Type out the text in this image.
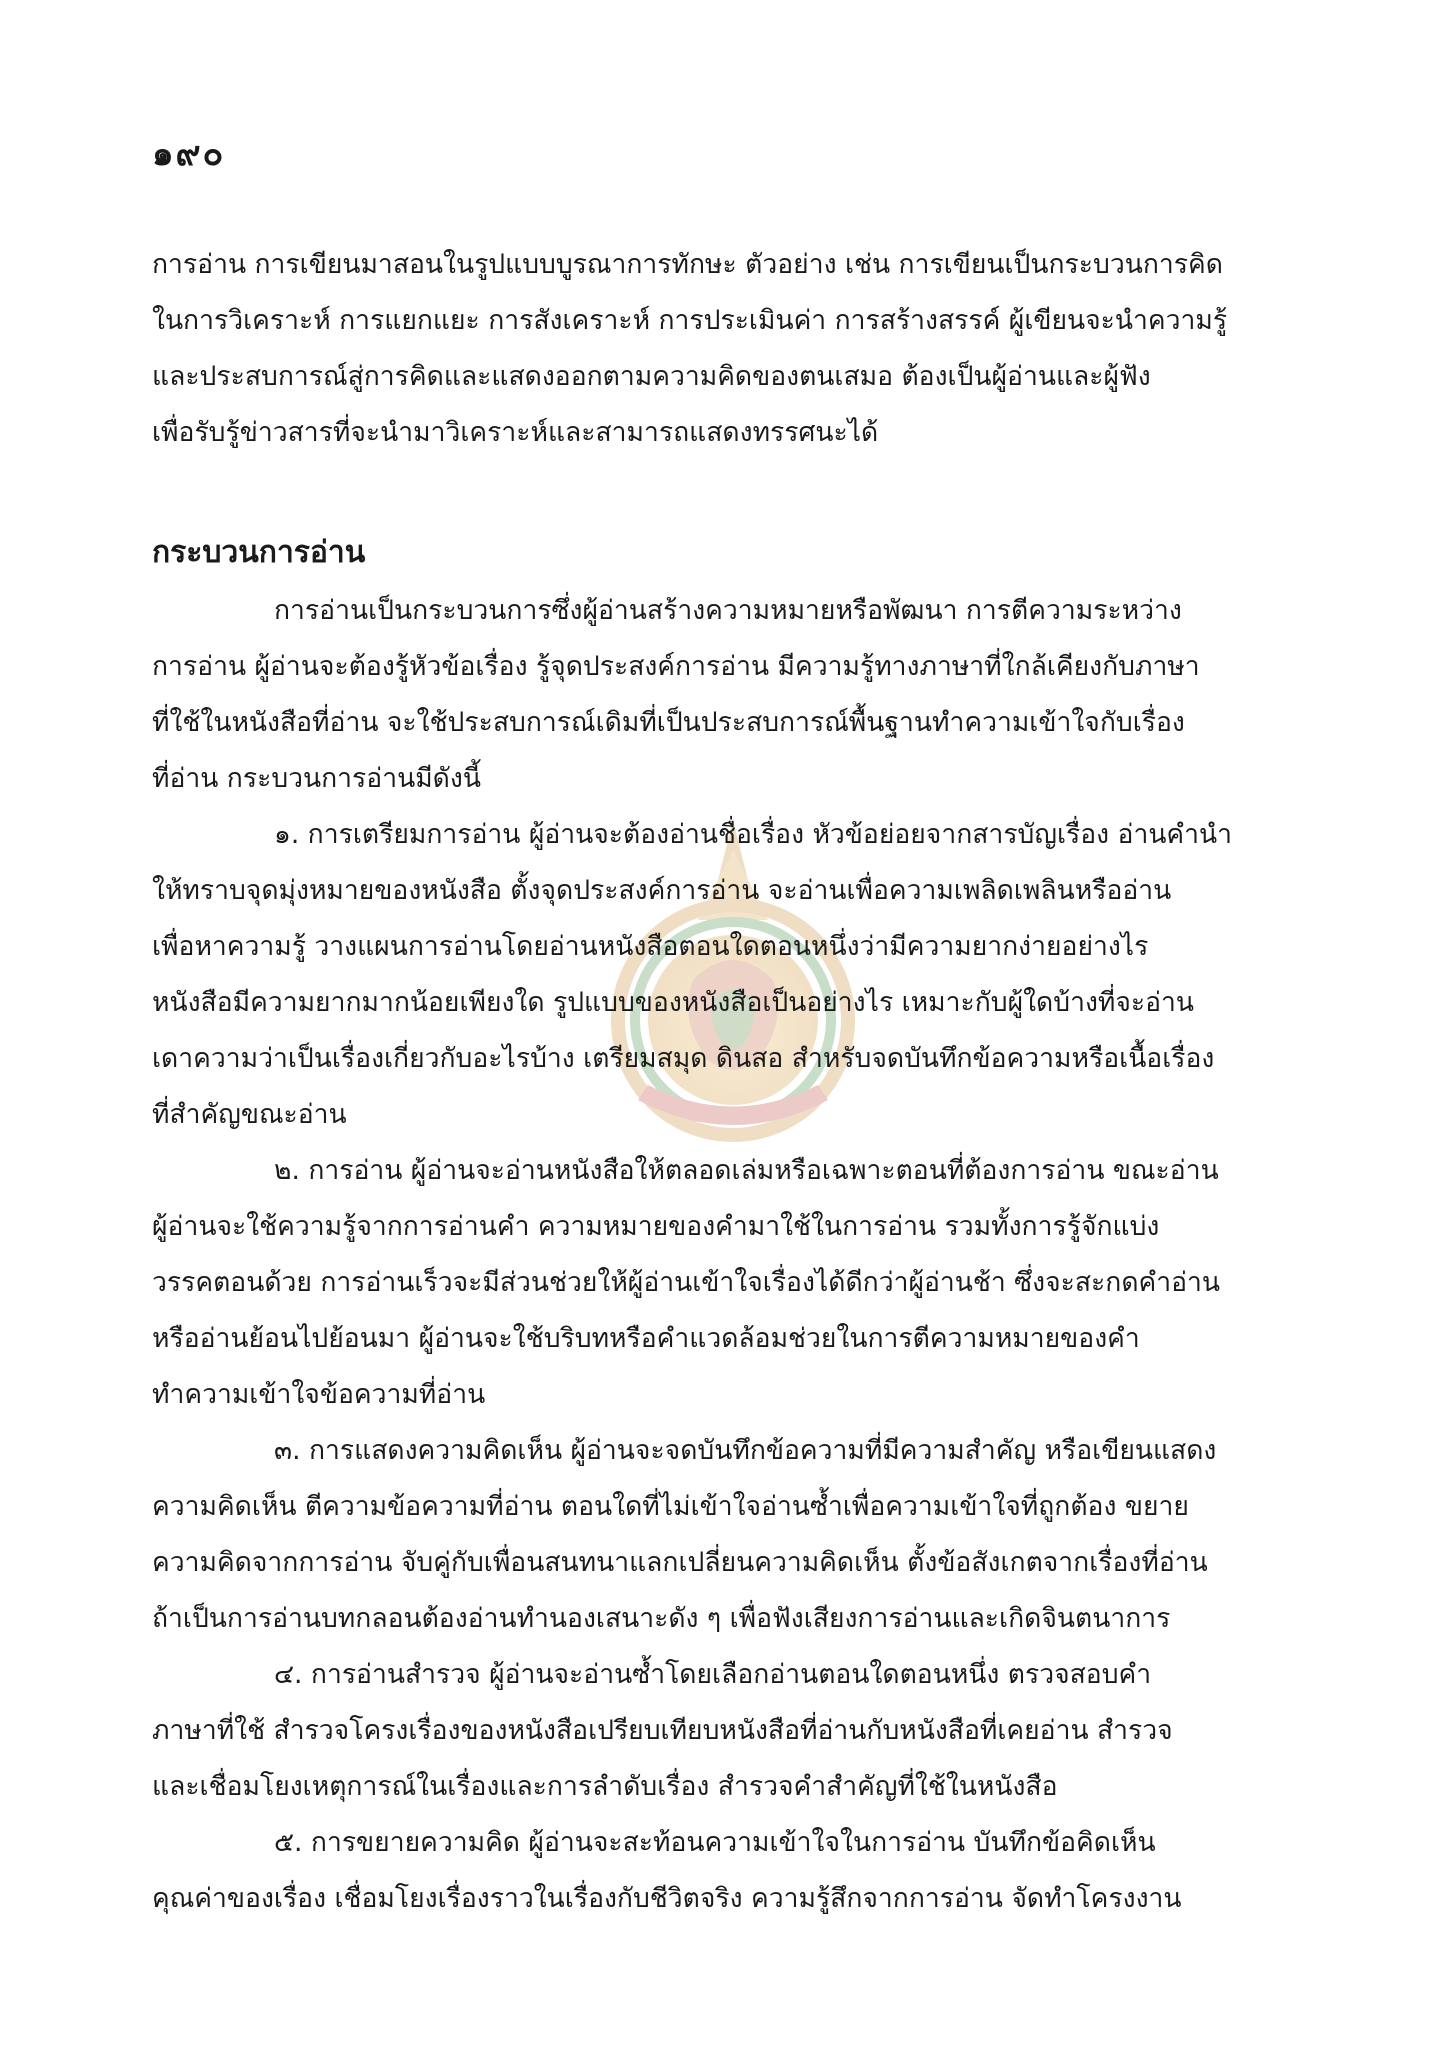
๑๙๐
การอ่าน การเขียนมาสอนในรูปแบบบูรณาการทักษะ ตัวอย่าง เช่น การเขียนเป็นกระบวนการคิด
ในการวิเคราะห์ การแยกแยะ การสังเคราะห์ การประเมินค่า การสร้างสรรค์ ผู้เขียนจะนำความรู้
และประสบการณ์สู่การคิดและแสดงออกตามความคิดของตนเสมอ ต้องเป็นผู้อ่านและผู้ฟัง
เพื่อรับรู้ข่าวสารที่จะนำมาวิเคราะห์และสามารถแสดงทรรศนะได้
กระบวนการอ่าน
การอ่านเป็นกระบวนการซึ่งผู้อ่านสร้างความหมายหรือพัฒนา การตีความระหว่าง
การอ่าน ผู้อ่านจะต้องรู้หัวข้อเรื่อง รู้จุดประสงค์การอ่าน มีความรู้ทางภาษาที่ใกล้เคียงกับภาษา
ที่ใช้ในหนังสือที่อ่าน จะใช้ประสบการณ์เดิมที่เป็นประสบการณ์พื้นฐานทำความเข้าใจกับเรื่อง
ที่อ่าน กระบวนการอ่านมีดังนี้
๑. การเตรียมการอ่าน ผู้อ่านจะต้องอ่านชื่อเรื่อง หัวข้อย่อยจากสารบัญเรื่อง อ่านคำนำ
ให้ทราบจุดมุ่งหมายของหนังสือ ตั้งจุดประสงค์การอ่าน จะอ่านเพื่อความเพลิดเพลินหรืออ่าน
เพื่อหาความรู้ วางแผนการอ่านโดยอ่านหนังสือตอนใดตอนหนึ่งว่ามีความยากง่ายอย่างไร
หนังสือมีความยากมากน้อยเพียงใด รูปแบบของหนังสือเป็นอย่างไร เหมาะกับผู้ใดบ้างที่จะอ่าน
เดาความว่าเป็นเรื่องเกี่ยวกับอะไรบ้าง เตรียมสมุด ดินสอ สำหรับจดบันทึกข้อความหรือเนื้อเรื่อง
ที่สำคัญขณะอ่าน
๒. การอ่าน ผู้อ่านจะอ่านหนังสือให้ตลอดเล่มหรือเฉพาะตอนที่ต้องการอ่าน ขณะอ่าน
ผู้อ่านจะใช้ความรู้จากการอ่านคำ ความหมายของคำมาใช้ในการอ่าน รวมทั้งการรู้จักแบ่ง
วรรคตอนด้วย การอ่านเร็วจะมีส่วนช่วยให้ผู้อ่านเข้าใจเรื่องได้ดีกว่าผู้อ่านช้า ซึ่งจะสะกดคำอ่าน
หรืออ่านย้อนไปย้อนมา ผู้อ่านจะใช้บริบทหรือคำแวดล้อมช่วยในการตีความหมายของคำ
ทำความเข้าใจข้อความที่อ่าน
๓. การแสดงความคิดเห็น ผู้อ่านจะจดบันทึกข้อความที่มีความสำคัญ หรือเขียนแสดง
ความคิดเห็น ตีความข้อความที่อ่าน ตอนใดที่ไม่เข้าใจอ่านซ้ำเพื่อความเข้าใจที่ถูกต้อง ขยาย
ความคิดจากการอ่าน จับคู่กับเพื่อนสนทนาแลกเปลี่ยนความคิดเห็น ตั้งข้อสังเกตจากเรื่องที่อ่าน
ถ้าเป็นการอ่านบทกลอนต้องอ่านทำนองเสนาะดัง ๆ เพื่อฟังเสียงการอ่านและเกิดจินตนาการ
๔. การอ่านสำรวจ ผู้อ่านจะอ่านซ้ำโดยเลือกอ่านตอนใดตอนหนึ่ง ตรวจสอบคำ
ภาษาที่ใช้ สำรวจโครงเรื่องของหนังสือเปรียบเทียบหนังสือที่อ่านกับหนังสือที่เคยอ่าน สำรวจ
และเชื่อมโยงเหตุการณ์ในเรื่องและการลำดับเรื่อง สำรวจคำสำคัญที่ใช้ในหนังสือ
๕. การขยายความคิด ผู้อ่านจะสะท้อนความเข้าใจในการอ่าน บันทึกข้อคิดเห็น
คุณค่าของเรื่อง เชื่อมโยงเรื่องราวในเรื่องกับชีวิตจริง ความรู้สึกจากการอ่าน จัดทำโครงงาน
